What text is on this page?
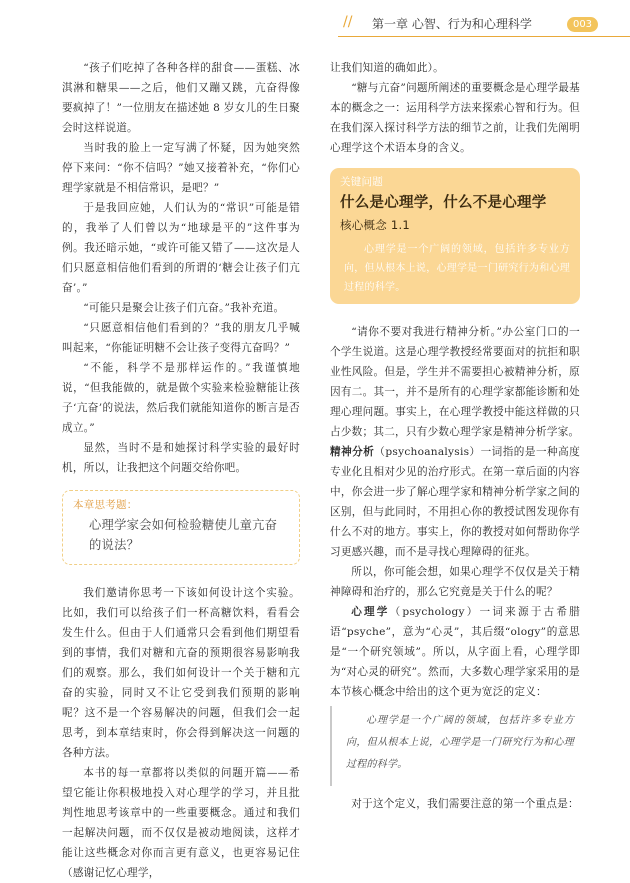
// 第一章 心智、行为和心理科学	003

“孩子们吃掉了各种各样的甜食——蛋糕、冰淇淋和糖果——之后，他们又蹦又跳，亢奋得像要疯掉了！”一位朋友在描述她 8 岁女儿的生日聚会时这样说道。

当时我的脸上一定写满了怀疑，因为她突然停下来问：“你不信吗？”她又接着补充，“你们心理学家就是不相信常识，是吧？”

于是我回应她，人们认为的“常识”可能是错的，我举了人们曾以为“地球是平的”这件事为例。我还暗示她，“或许可能又错了——这次是人们只愿意相信他们看到的所谓的‘糖会让孩子们亢奋’。”

“可能只是聚会让孩子们亢奋。”我补充道。

“只愿意相信他们看到的？”我的朋友几乎喊叫起来，“你能证明糖不会让孩子变得亢奋吗？”

“不能，科学不是那样运作的。”我谨慎地说，“但我能做的，就是做个实验来检验糖能让孩子‘亢奋’的说法，然后我们就能知道你的断言是否成立。”

显然，当时不是和她探讨科学实验的最好时机，所以，让我把这个问题交给你吧。

本章思考题：
心理学家会如何检验糖使儿童亢奋的说法？

我们邀请你思考一下该如何设计这个实验。比如，我们可以给孩子们一杯高糖饮料，看看会发生什么。但由于人们通常只会看到他们期望看到的事情，我们对糖和亢奋的预期很容易影响我们的观察。那么，我们如何设计一个关于糖和亢奋的实验，同时又不让它受到我们预期的影响呢？这不是一个容易解决的问题，但我们会一起思考，到本章结束时，你会得到解决这一问题的各种方法。

本书的每一章都将以类似的问题开篇——希望它能让你积极地投入对心理学的学习，并且批判性地思考该章中的一些重要概念。通过和我们一起解决问题，而不仅仅是被动地阅读，这样才能让这些概念对你而言更有意义，也更容易记住（感谢记忆心理学，

让我们知道的确如此）。

“糖与亢奋”问题所阐述的重要概念是心理学最基本的概念之一：运用科学方法来探索心智和行为。但在我们深入探讨科学方法的细节之前，让我们先阐明心理学这个术语本身的含义。

关键问题
什么是心理学，什么不是心理学
核心概念 1.1
心理学是一个广阔的领域，包括许多专业方向，但从根本上说，心理学是一门研究行为和心理过程的科学。

“请你不要对我进行精神分析。”办公室门口的一个学生说道。这是心理学教授经常要面对的抗拒和职业性风险。但是，学生并不需要担心被精神分析，原因有二。其一，并不是所有的心理学家都能诊断和处理心理问题。事实上，在心理学教授中能这样做的只占少数；其二，只有少数心理学家是精神分析学家。

精神分析（psychoanalysis）一词指的是一种高度专业化且相对少见的治疗形式。在第一章后面的内容中，你会进一步了解心理学家和精神分析学家之间的区别，但与此同时，不用担心你的教授试图发现你有什么不对的地方。事实上，你的教授对如何帮助你学习更感兴趣，而不是寻找心理障碍的征兆。

所以，你可能会想，如果心理学不仅仅是关于精神障碍和治疗的，那么它究竟是关于什么的呢？

心理学（psychology）一词来源于古希腊语“psyche”，意为“心灵”，其后缀“ology”的意思是“一个研究领域”。所以，从字面上看，心理学即为“对心灵的研究”。然而，大多数心理学家采用的是本节核心概念中给出的这个更为宽泛的定义：

心理学是一个广阔的领域，包括许多专业方向，但从根本上说，心理学是一门研究行为和心理过程的科学。

对于这个定义，我们需要注意的第一个重点是：
